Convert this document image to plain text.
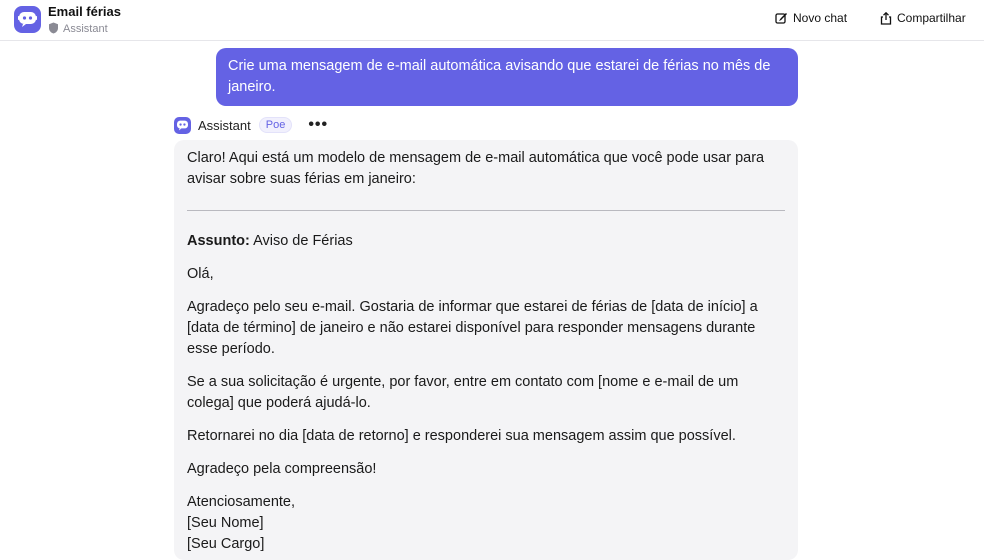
Email férias
Assistant
Novo chat	Compartilhar
Crie uma mensagem de e-mail automática avisando que estarei de férias no mês de janeiro.
Assistant	Poe	•••

Claro! Aqui está um modelo de mensagem de e-mail automática que você pode usar para avisar sobre suas férias em janeiro:

Assunto: Aviso de Férias

Olá,

Agradeço pelo seu e-mail. Gostaria de informar que estarei de férias de [data de início] a [data de término] de janeiro e não estarei disponível para responder mensagens durante esse período.

Se a sua solicitação é urgente, por favor, entre em contato com [nome e e-mail de um colega] que poderá ajudá-lo.

Retornarei no dia [data de retorno] e responderei sua mensagem assim que possível.

Agradeço pela compreensão!

Atenciosamente,
[Seu Nome]
[Seu Cargo]
